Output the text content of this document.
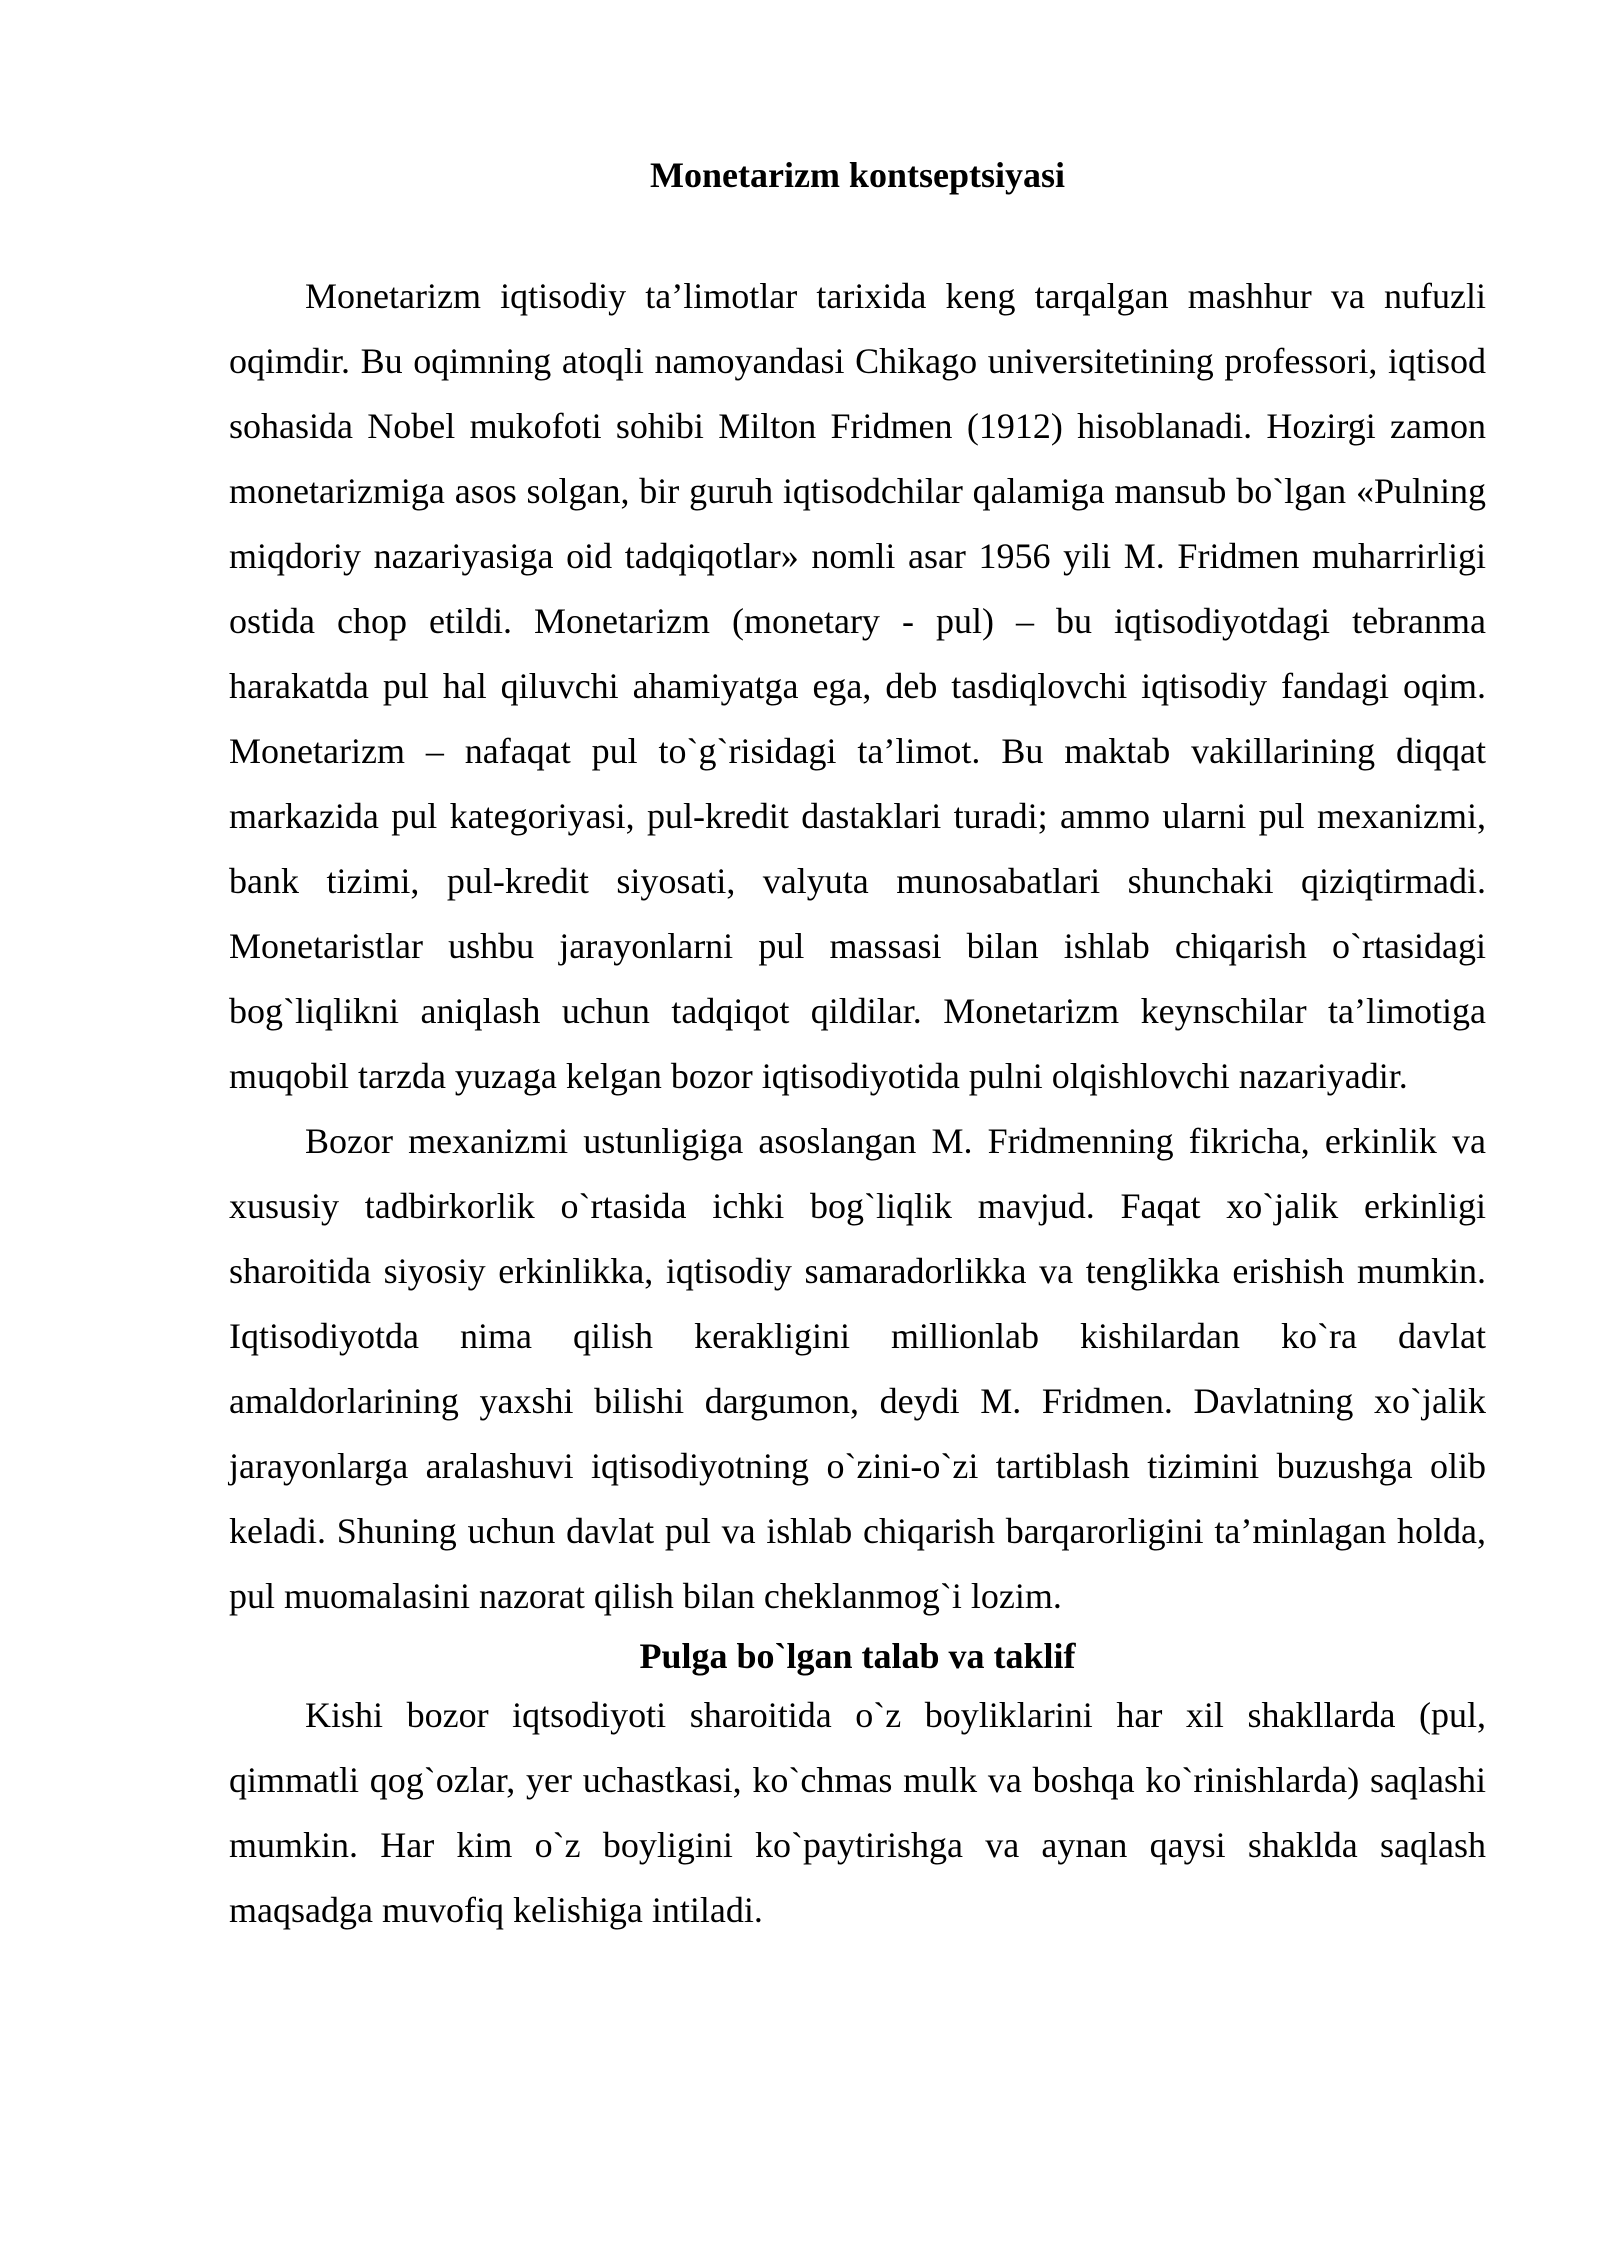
Monetarizm kontseptsiyasi

Monetarizm iqtisodiy ta’limotlar tarixida keng tarqalgan mashhur va nufuzli oqimdir. Bu oqimning atoqli namoyandasi Chikago universitetining professori, iqtisod sohasida Nobel mukofoti sohibi Milton Fridmen (1912) hisoblanadi. Hozirgi zamon monetarizmiga asos solgan, bir guruh iqtisodchilar qalamiga mansub bo`lgan «Pulning miqdoriy nazariyasiga oid tadqiqotlar» nomli asar 1956 yili M. Fridmen muharrirligi ostida chop etildi. Monetarizm (monetary - pul) – bu iqtisodiyotdagi tebranma harakatda pul hal qiluvchi ahamiyatga ega, deb tasdiqlovchi iqtisodiy fandagi oqim. Monetarizm – nafaqat pul to`g`risidagi ta’limot. Bu maktab vakillarining diqqat markazida pul kategoriyasi, pul-kredit dastaklari turadi; ammo ularni pul mexanizmi, bank tizimi, pul-kredit siyosati, valyuta munosabatlari shunchaki qiziqtirmadi. Monetaristlar ushbu jarayonlarni pul massasi bilan ishlab chiqarish o`rtasidagi bog`liqlikni aniqlash uchun tadqiqot qildilar. Monetarizm keynschilar ta’limotiga muqobil tarzda yuzaga kelgan bozor iqtisodiyotida pulni olqishlovchi nazariyadir.

Bozor mexanizmi ustunligiga asoslangan M. Fridmenning fikricha, erkinlik va xususiy tadbirkorlik o`rtasida ichki bog`liqlik mavjud. Faqat xo`jalik erkinligi sharoitida siyosiy erkinlikka, iqtisodiy samaradorlikka va tenglikka erishish mumkin. Iqtisodiyotda nima qilish kerakligini millionlab kishilardan ko`ra davlat amaldorlarining yaxshi bilishi dargumon, deydi M. Fridmen. Davlatning xo`jalik jarayonlarga aralashuvi iqtisodiyotning o`zini-o`zi tartiblash tizimini buzushga olib keladi. Shuning uchun davlat pul va ishlab chiqarish barqarorligini ta’minlagan holda, pul muomalasini nazorat qilish bilan cheklanmog`i lozim.

Pulga bo`lgan talab va taklif

Kishi bozor iqtsodiyoti sharoitida o`z boyliklarini har xil shakllarda (pul, qimmatli qog`ozlar, yer uchastkasi, ko`chmas mulk va boshqa ko`rinishlarda) saqlashi mumkin. Har kim o`z boyligini ko`paytirishga va aynan qaysi shaklda saqlash maqsadga muvofiq kelishiga intiladi.
